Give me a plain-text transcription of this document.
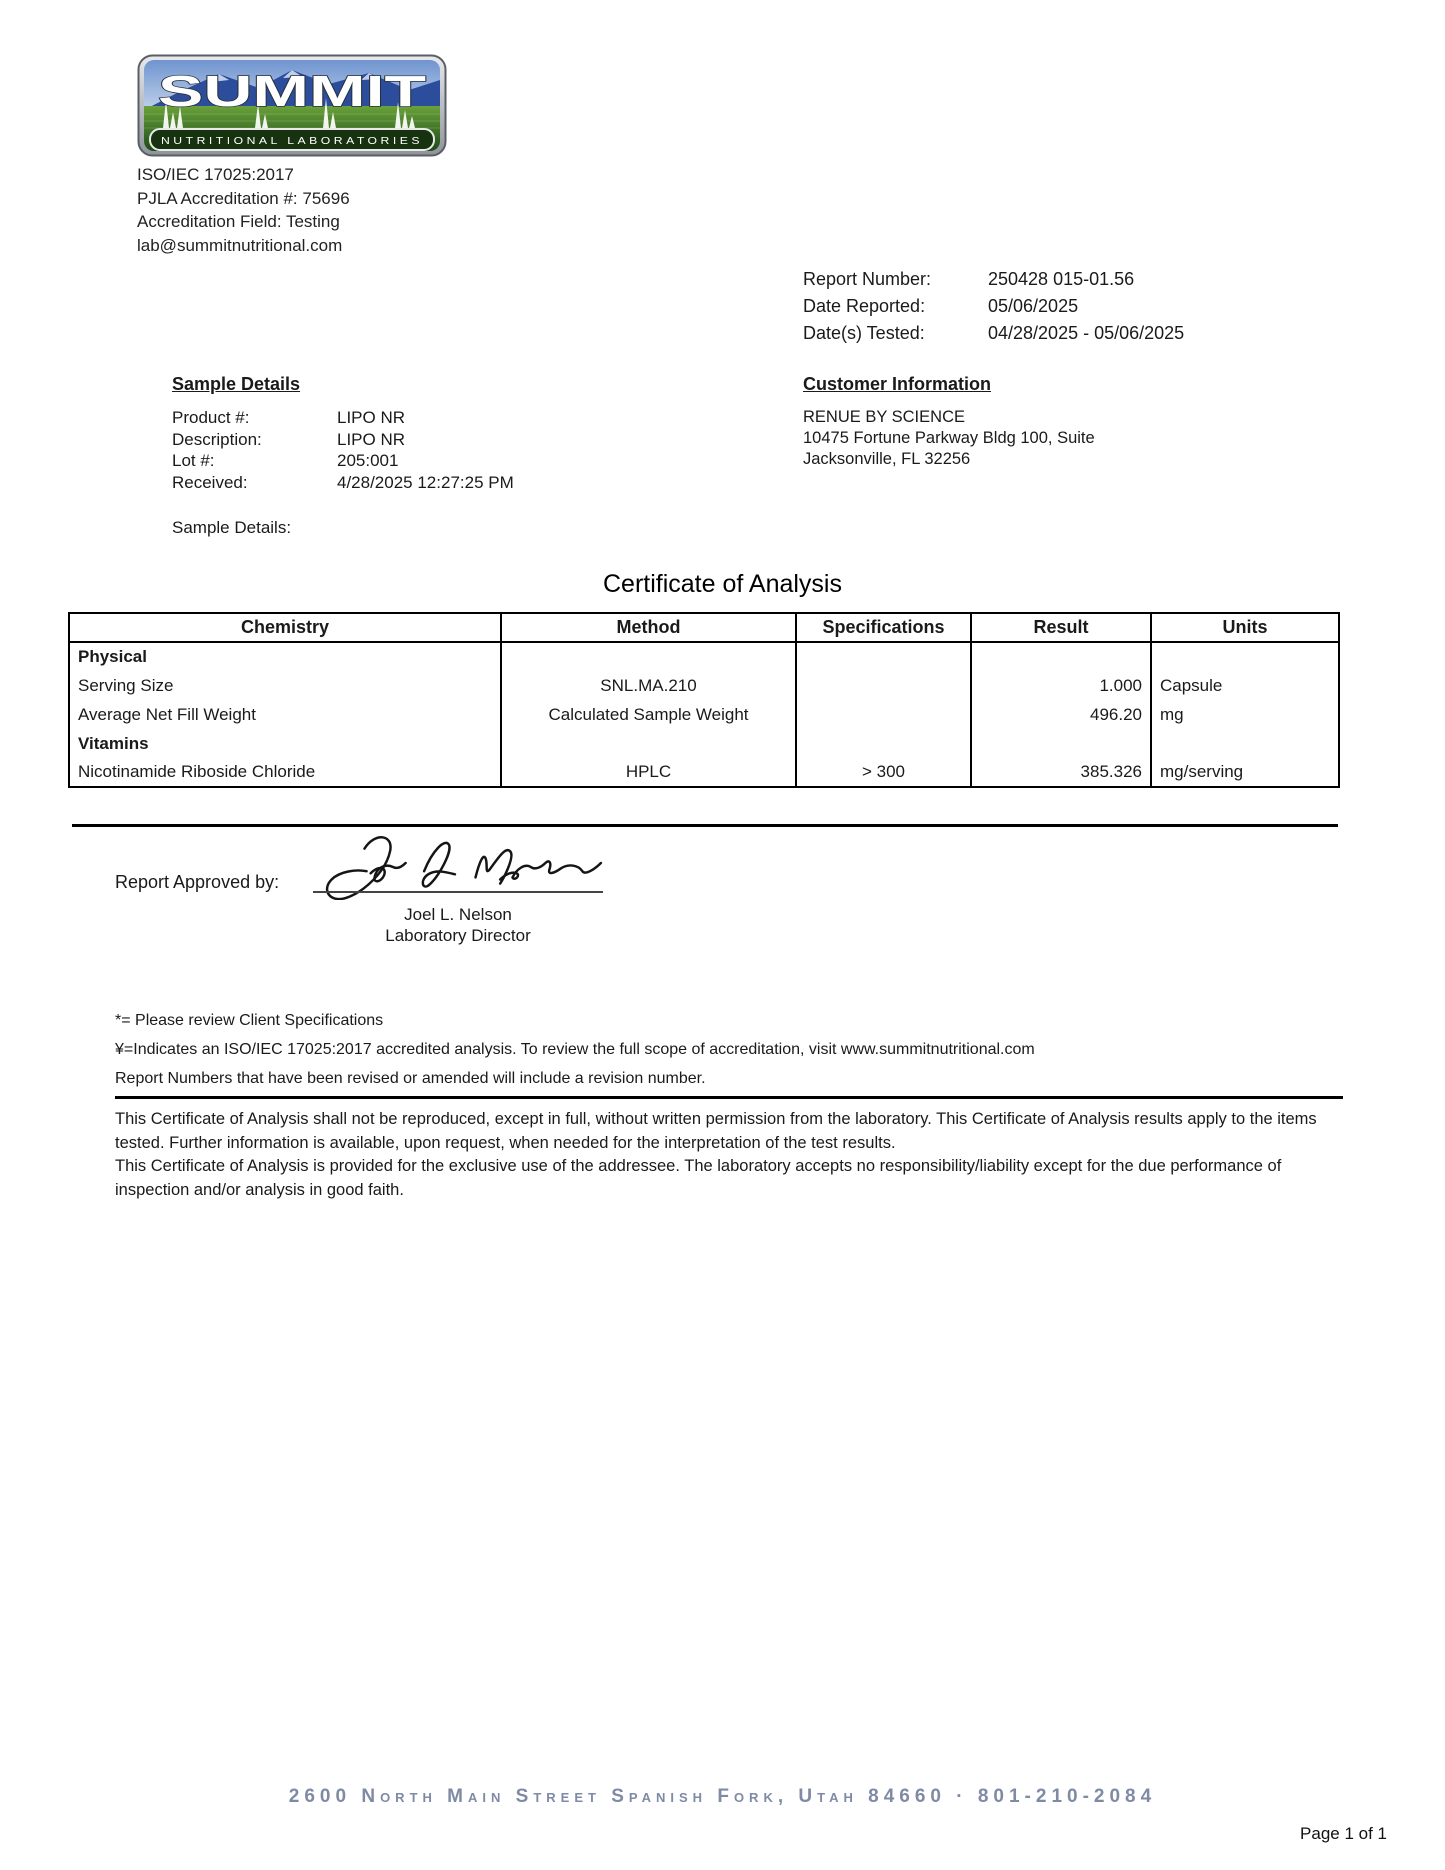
SUMMIT
NUTRITIONAL LABORATORIES
ISO/IEC 17025:2017
PJLA Accreditation #: 75696
Accreditation Field: Testing
lab@summitnutritional.com
Report Number:	250428 015-01.56
Date Reported:	05/06/2025
Date(s) Tested:	04/28/2025 - 05/06/2025
Sample Details
Product #:	LIPO NR
Description:	LIPO NR
Lot #:	205:001
Received:	4/28/2025 12:27:25 PM
Sample Details:
Customer Information
RENUE BY SCIENCE
10475 Fortune Parkway Bldg 100, Suite
Jacksonville, FL 32256
Certificate of Analysis
Chemistry	Method	Specifications	Result	Units
Physical				
Serving Size	SNL.MA.210		1.000	Capsule
Average Net Fill Weight	Calculated Sample Weight		496.20	mg
Vitamins				
Nicotinamide Riboside Chloride	HPLC	> 300	385.326	mg/serving
Report Approved by:
Joel L. Nelson
Laboratory Director
*= Please review Client Specifications
¥=Indicates an ISO/IEC 17025:2017 accredited analysis. To review the full scope of accreditation, visit www.summitnutritional.com
Report Numbers that have been revised or amended will include a revision number.

This Certificate of Analysis shall not be reproduced, except in full, without written permission from the laboratory. This Certificate of Analysis results apply to the items tested. Further information is available, upon request, when needed for the interpretation of the test results.

This Certificate of Analysis is provided for the exclusive use of the addressee. The laboratory accepts no responsibility/liability except for the due performance of inspection and/or analysis in good faith.

2600 North Main Street Spanish Fork, Utah 84660 · 801-210-2084
Page 1 of 1
